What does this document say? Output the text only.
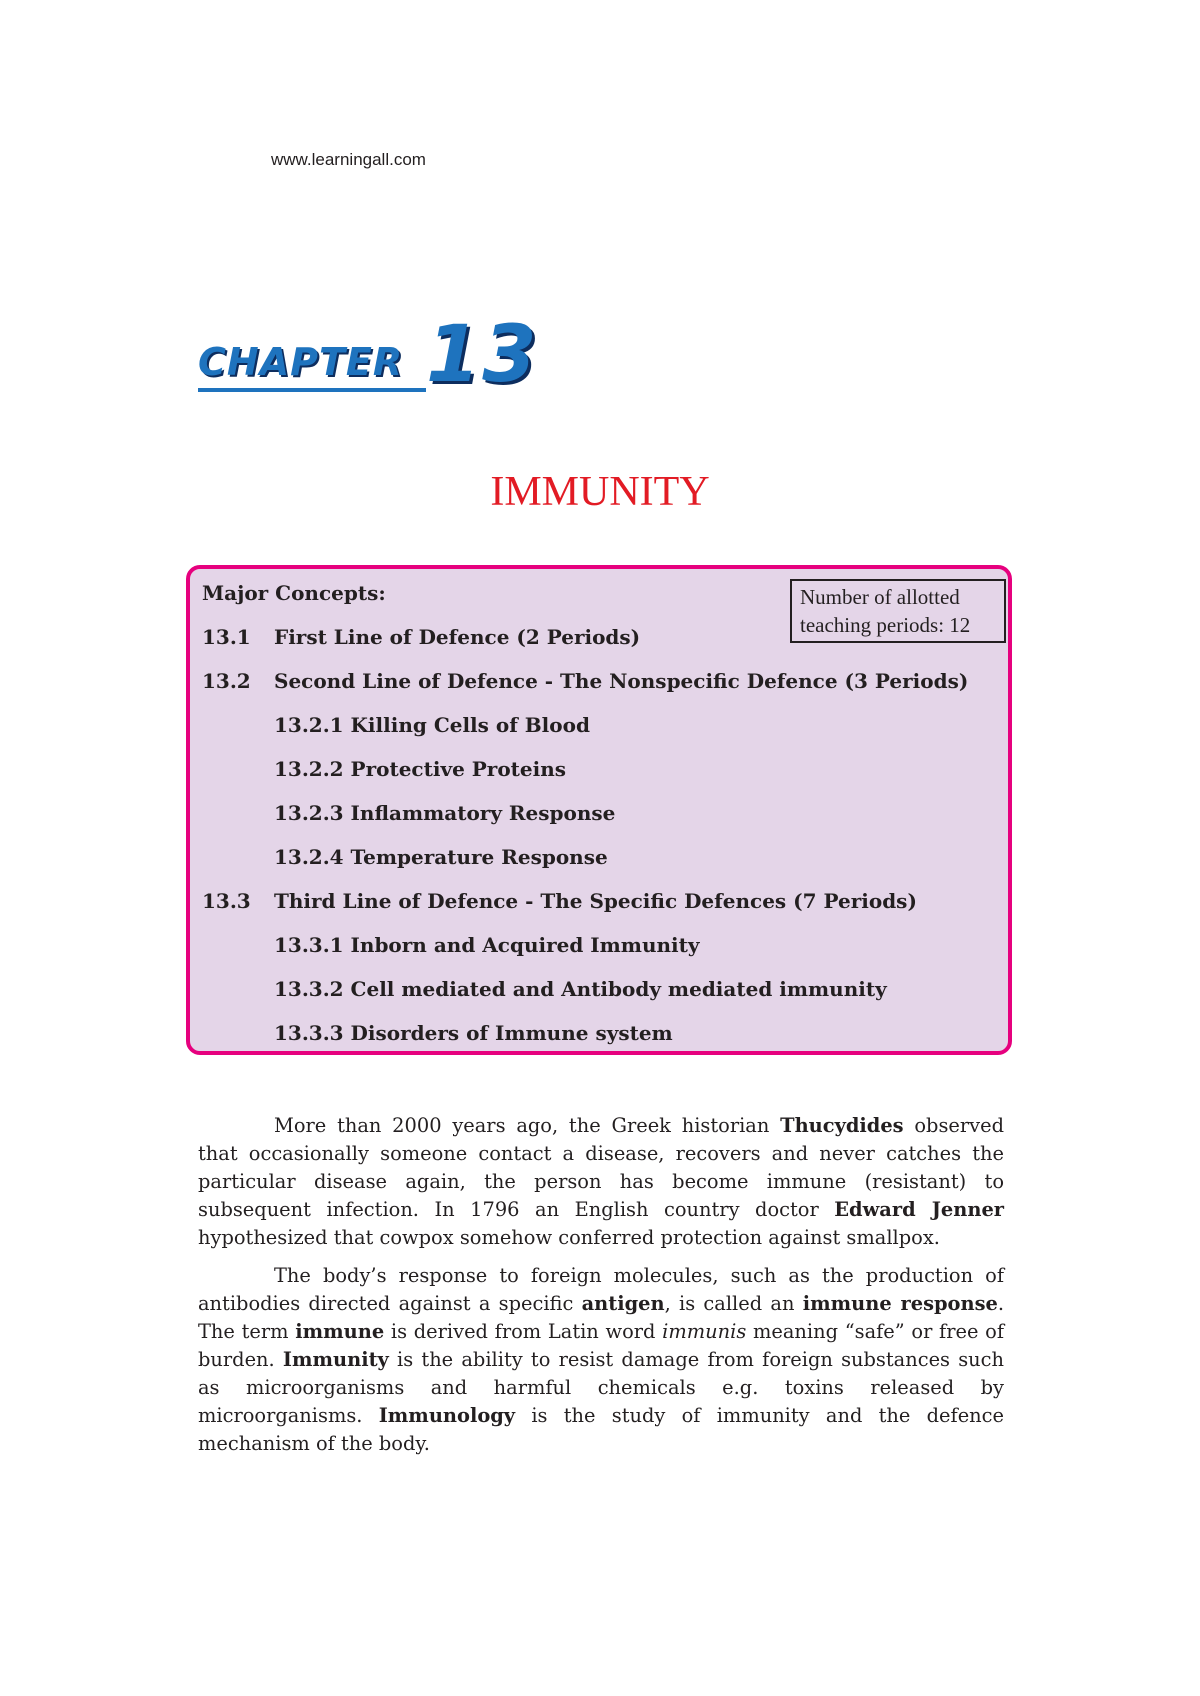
www.learningall.com
CHAPTER 13
IMMUNITY
Major Concepts:	Number of allotted
teaching periods: 12
13.1 First Line of Defence (2 Periods)
13.2 Second Line of Defence - The Nonspecific Defence (3 Periods)
13.2.1 Killing Cells of Blood
13.2.2 Protective Proteins
13.2.3 Inflammatory Response
13.2.4 Temperature Response
13.3 Third Line of Defence - The Specific Defences (7 Periods)
13.3.1 Inborn and Acquired Immunity
13.3.2 Cell mediated and Antibody mediated immunity
13.3.3 Disorders of Immune system

More than 2000 years ago, the Greek historian Thucydides observed that occasionally someone contact a disease, recovers and never catches the particular disease again, the person has become immune (resistant) to subsequent infection. In 1796 an English country doctor Edward Jenner hypothesized that cowpox somehow conferred protection against smallpox.

The body’s response to foreign molecules, such as the production of antibodies directed against a specific antigen, is called an immune response. The term immune is derived from Latin word immunis meaning “safe” or free of burden. Immunity is the ability to resist damage from foreign substances such as microorganisms and harmful chemicals e.g. toxins released by microorganisms. Immunology is the study of immunity and the defence mechanism of the body.
